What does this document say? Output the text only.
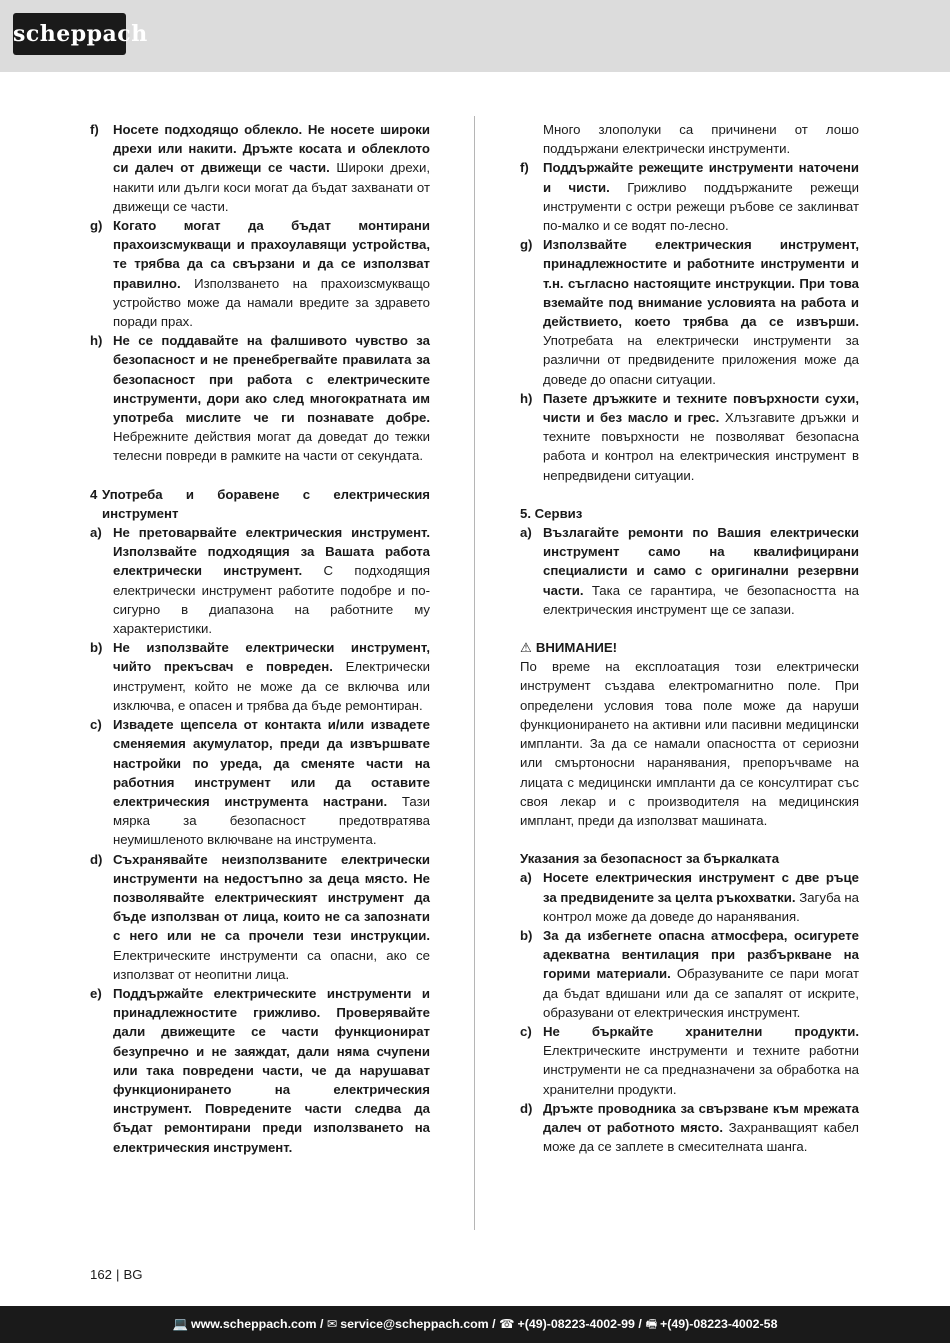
scheppach
f)	Носете подходящо облекло. Не носете широки дрехи или накити. Дръжте косата и облеклото си далеч от движещи се части. Широки дрехи, накити или дълги коси могат да бъдат захванати от движещи се части.
g) Когато могат да бъдат монтирани прахоизсмукващи и прахоулавящи устройства, те трябва да са свързани и да се използват правилно. Използването на прахоизсмукващо устройство може да намали вредите за здравето поради прах.
h) Не се поддавайте на фалшивото чувство за безопасност и не пренебрегвайте правилата за безопасност при работа с електрическите инструменти, дори ако след многократната им употреба мислите че ги познавате добре. Небрежните действия могат да доведат до тежки телесни повреди в рамките на части от секундата.
4 Употреба и боравене с електрическия инструмент
a) Не претоварвайте електрическия инструмент. Използвайте подходящия за Вашата работа електрически инструмент. С подходящия електрически инструмент работите подобре и по-сигурно в диапазона на работните му характеристики.
b) Не използвайте електрически инструмент, чийто прекъсвач е повреден. Електрически инструмент, който не може да се включва или изключва, е опасен и трябва да бъде ремонтиран.
c) Извадете щепсела от контакта и/или извадете сменяемия акумулатор, преди да извършвате настройки по уреда, да сменяте части на работния инструмент или да оставите електрическия инструмента настрани. Тази мярка за безопасност предотвратява неумишленото включване на инструмента.
d) Съхранявайте неизползваните електрически инструменти на недостъпно за деца място. Не позволявайте електрическият инструмент да бъде използван от лица, които не са запознати с него или не са прочели тези инструкции. Електрическите инструменти са опасни, ако се използват от неопитни лица.
e) Поддържайте електрическите инструменти и принадлежностите грижливо. Проверявайте дали движещите се части функционират безупречно и не заяждат, дали няма счупени или така повредени части, че да нарушават функционирането на електрическия инструмент. Повредените части следва да бъдат ремонтирани преди използването на електрическия инструмент.
Много злополуки са причинени от лошо поддържани електрически инструменти.
f)	Поддържайте режещите инструменти наточени и чисти. Грижливо поддържаните режещи инструменти с остри режещи ръбове се заклинват по-малко и се водят по-лесно.
g) Използвайте електрическия инструмент, принадлежностите и работните инструменти и т.н. съгласно настоящите инструкции. При това вземайте под внимание условията на работа и действието, което трябва да се извърши. Употребата на електрически инструменти за различни от предвидените приложения може да доведе до опасни ситуации.
h) Пазете дръжките и техните повърхности сухи, чисти и без масло и грес. Хлъзгавите дръжки и техните повърхности не позволяват безопасна работа и контрол на електрическия инструмент в непредвидени ситуации.
5. Сервиз
a) Възлагайте ремонти по Вашия електрически инструмент само на квалифицирани специалисти и само с оригинални резервни части. Така се гарантира, че безопасността на електрическия инструмент ще се запази.
⚠ ВНИМАНИЕ!
По време на експлоатация този електрически инструмент създава електромагнитно поле. При определени условия това поле може да наруши функционирането на активни или пасивни медицински импланти. За да се намали опасността от сериозни или смъртоносни наранявания, препоръчваме на лицата с медицински импланти да се консултират със своя лекар и с производителя на медицинския имплант, преди да използват машината.
Указания за безопасност за бъркалката
a) Носете електрическия инструмент с две ръце за предвидените за целта ръкохватки. Загуба на контрол може да доведе до наранявания.
b) За да избегнете опасна атмосфера, осигурете адекватна вентилация при разбъркване на горими материали. Образуваните се пари могат да бъдат вдишани или да се запалят от искрите, образувани от електрическия инструмент.
c) Не бъркайте хранителни продукти. Електрическите инструменти и техните работни инструменти не са предназначени за обработка на хранителни продукти.
d) Дръжте проводника за свързване към мрежата далеч от работното място. Захранващият кабел може да се заплете в смесителната шанга.
162 | BG
💻 www.scheppach.com / ✉ service@scheppach.com / ☎ +(49)-08223-4002-99 / 🖷 +(49)-08223-4002-58
